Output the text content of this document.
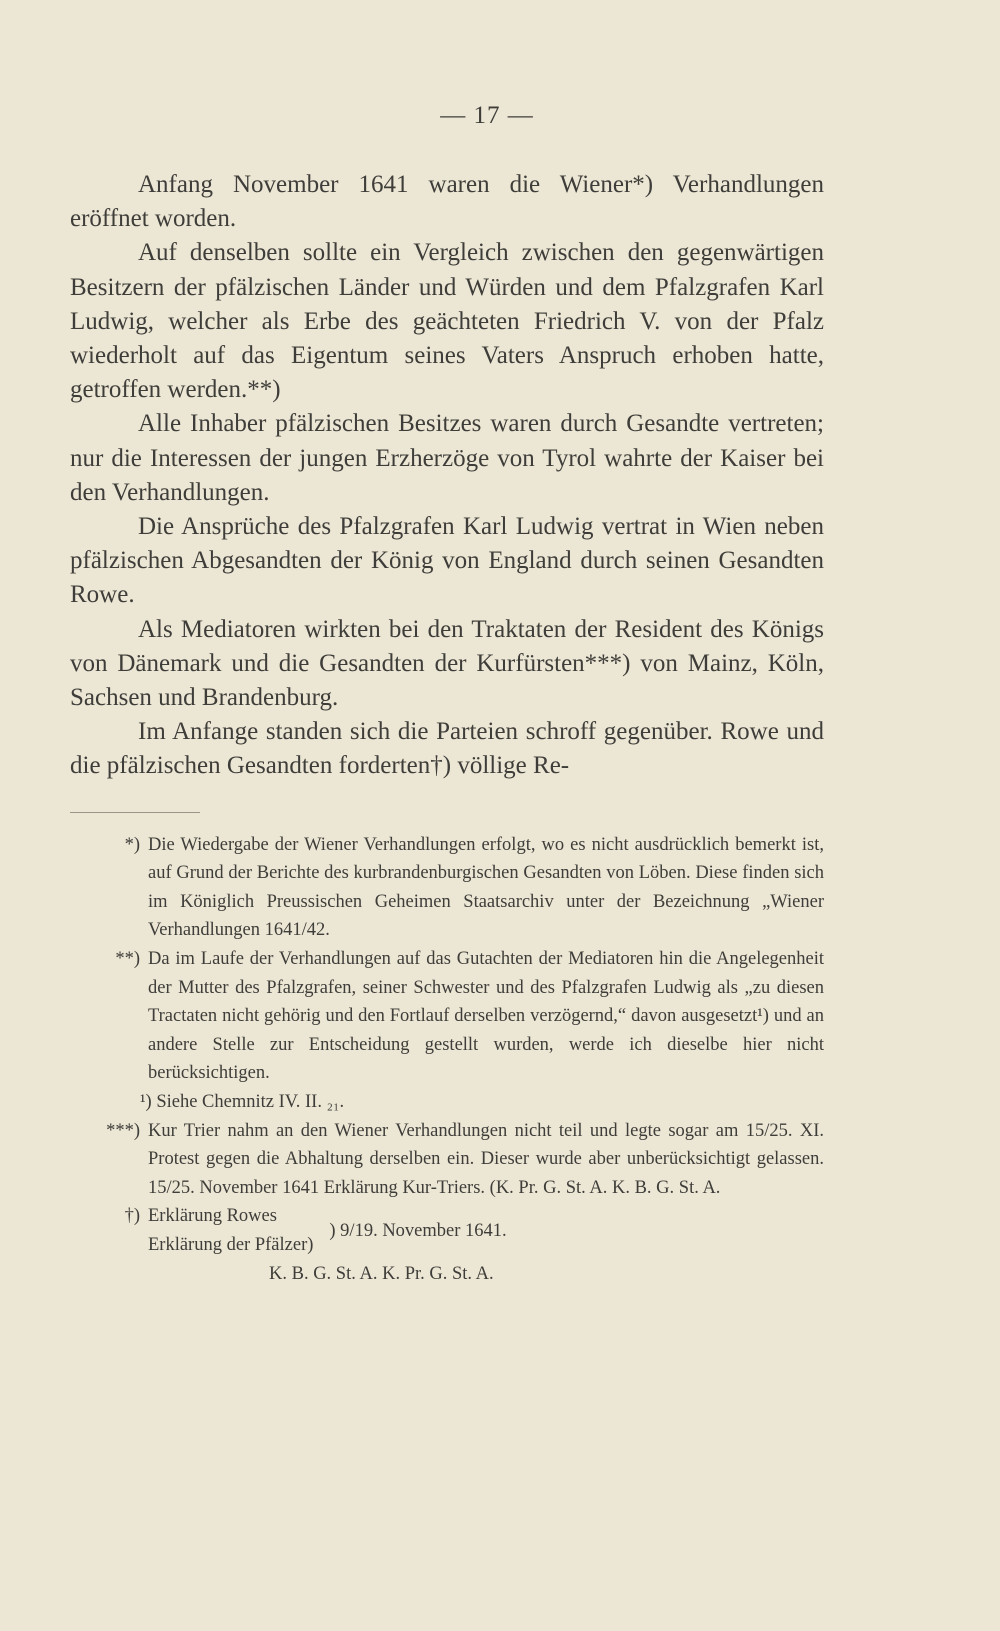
— 17 —

Anfang November 1641 waren die Wiener*) Verhandlungen eröffnet worden.

Auf denselben sollte ein Vergleich zwischen den gegenwärtigen Besitzern der pfälzischen Länder und Würden und dem Pfalzgrafen Karl Ludwig, welcher als Erbe des geächteten Friedrich V. von der Pfalz wiederholt auf das Eigentum seines Vaters Anspruch erhoben hatte, getroffen werden.**)

Alle Inhaber pfälzischen Besitzes waren durch Gesandte vertreten; nur die Interessen der jungen Erzherzöge von Tyrol wahrte der Kaiser bei den Verhandlungen.

Die Ansprüche des Pfalzgrafen Karl Ludwig vertrat in Wien neben pfälzischen Abgesandten der König von England durch seinen Gesandten Rowe.

Als Mediatoren wirkten bei den Traktaten der Resident des Königs von Dänemark und die Gesandten der Kurfürsten***) von Mainz, Köln, Sachsen und Brandenburg.

Im Anfange standen sich die Parteien schroff gegenüber. Rowe und die pfälzischen Gesandten forderten†) völlige Re-

*) Die Wiedergabe der Wiener Verhandlungen erfolgt, wo es nicht ausdrücklich bemerkt ist, auf Grund der Berichte des kurbrandenburgischen Gesandten von Löben. Diese finden sich im Königlich Preussischen Geheimen Staatsarchiv unter der Bezeichnung „Wiener Verhandlungen 1641/42.
**) Da im Laufe der Verhandlungen auf das Gutachten der Mediatoren hin die Angelegenheit der Mutter des Pfalzgrafen, seiner Schwester und des Pfalzgrafen Ludwig als „zu diesen Tractaten nicht gehörig und den Fortlauf derselben verzögernd,“ davon ausgesetzt¹) und an andere Stelle zur Entscheidung gestellt wurden, werde ich dieselbe hier nicht berücksichtigen.
¹) Siehe Chemnitz IV. II. ₂₁.
***) Kur Trier nahm an den Wiener Verhandlungen nicht teil und legte sogar am 15/25. XI. Protest gegen die Abhaltung derselben ein. Dieser wurde aber unberücksichtigt gelassen. 15/25. November 1641 Erklärung Kur-Triers. (K. Pr. G. St. A. K. B. G. St. A.
†) Erklärung Rowes
Erklärung der Pfälzer)
) 9/19. November 1641.
K. B. G. St. A. K. Pr. G. St. A.
